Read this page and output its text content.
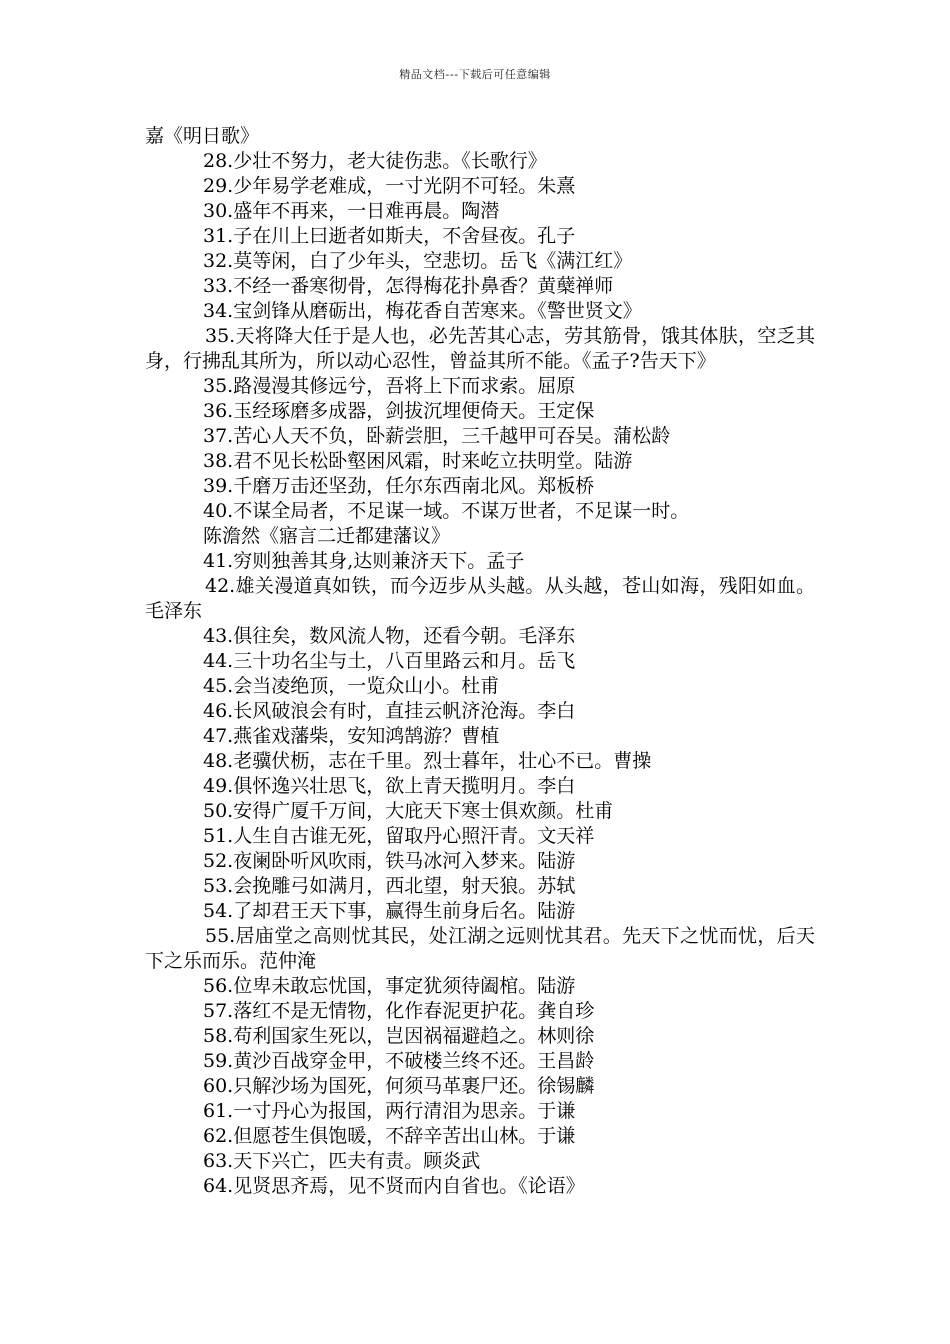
精品文档---下载后可任意编辑
嘉《明日歌》
28.少壮不努力，老大徒伤悲。《长歌行》
29.少年易学老难成，一寸光阴不可轻。朱熹
30.盛年不再来，一日难再晨。陶潜
31.子在川上曰逝者如斯夫，不舍昼夜。孔子
32.莫等闲，白了少年头，空悲切。岳飞《满江红》
33.不经一番寒彻骨，怎得梅花扑鼻香？黄蘖禅师
34.宝剑锋从磨砺出，梅花香自苦寒来。《警世贤文》
35.天将降大任于是人也，必先苦其心志，劳其筋骨，饿其体肤，空乏其身，行拂乱其所为，所以动心忍性，曾益其所不能。《孟子?告天下》
35.路漫漫其修远兮，吾将上下而求索。屈原
36.玉经琢磨多成器，剑拔沉埋便倚天。王定保
37.苦心人天不负，卧薪尝胆，三千越甲可吞吴。蒲松龄
38.君不见长松卧壑困风霜，时来屹立扶明堂。陆游
39.千磨万击还坚劲，任尔东西南北风。郑板桥
40.不谋全局者，不足谋一域。不谋万世者，不足谋一时。
陈澹然《寤言二迁都建藩议》
41.穷则独善其身,达则兼济天下。孟子
42.雄关漫道真如铁，而今迈步从头越。从头越，苍山如海，残阳如血。毛泽东
43.俱往矣，数风流人物，还看今朝。毛泽东
44.三十功名尘与土，八百里路云和月。岳飞
45.会当凌绝顶，一览众山小。杜甫
46.长风破浪会有时，直挂云帆济沧海。李白
47.燕雀戏藩柴，安知鸿鹄游？曹植
48.老骥伏枥，志在千里。烈士暮年，壮心不已。曹操
49.俱怀逸兴壮思飞，欲上青天揽明月。李白
50.安得广厦千万间，大庇天下寒士俱欢颜。杜甫
51.人生自古谁无死，留取丹心照汗青。文天祥
52.夜阑卧听风吹雨，铁马冰河入梦来。陆游
53.会挽雕弓如满月，西北望，射天狼。苏轼
54.了却君王天下事，赢得生前身后名。陆游
55.居庙堂之高则忧其民，处江湖之远则忧其君。先天下之忧而忧，后天下之乐而乐。范仲淹
56.位卑未敢忘忧国，事定犹须待阖棺。陆游
57.落红不是无情物，化作春泥更护花。龚自珍
58.苟利国家生死以，岂因祸福避趋之。林则徐
59.黄沙百战穿金甲，不破楼兰终不还。王昌龄
60.只解沙场为国死，何须马革裹尸还。徐锡麟
61.一寸丹心为报国，两行清泪为思亲。于谦
62.但愿苍生俱饱暖，不辞辛苦出山林。于谦
63.天下兴亡，匹夫有责。顾炎武
64.见贤思齐焉，见不贤而内自省也。《论语》
